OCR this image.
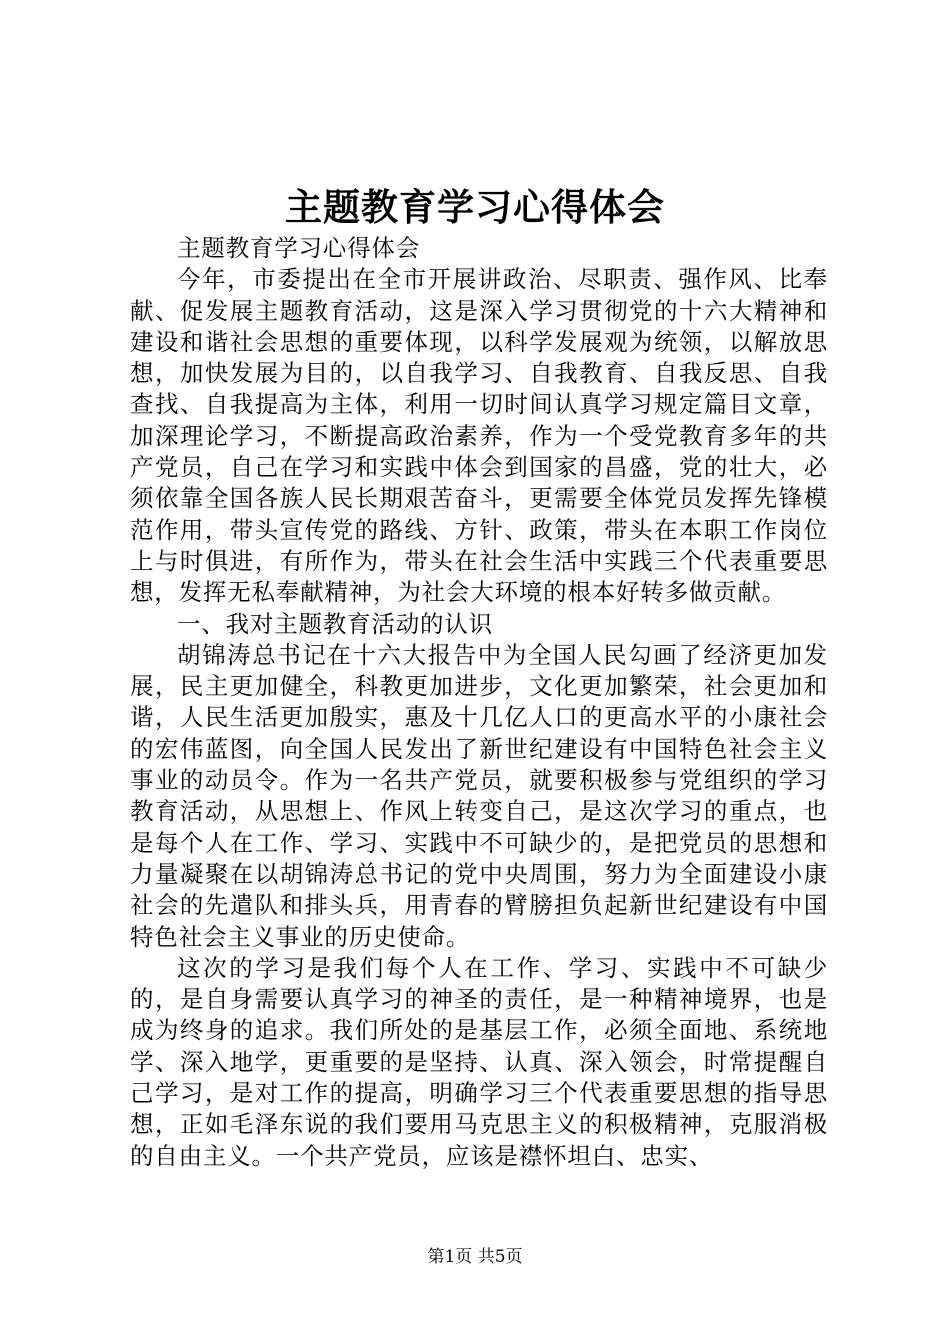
主题教育学习心得体会

主题教育学习心得体会

今年，市委提出在全市开展讲政治、尽职责、强作风、比奉献、促发展主题教育活动，这是深入学习贯彻党的十六大精神和建设和谐社会思想的重要体现，以科学发展观为统领，以解放思想，加快发展为目的，以自我学习、自我教育、自我反思、自我查找、自我提高为主体，利用一切时间认真学习规定篇目文章，加深理论学习，不断提高政治素养，作为一个受党教育多年的共产党员，自己在学习和实践中体会到国家的昌盛，党的壮大，必须依靠全国各族人民长期艰苦奋斗，更需要全体党员发挥先锋模范作用，带头宣传党的路线、方针、政策，带头在本职工作岗位上与时俱进，有所作为，带头在社会生活中实践三个代表重要思想，发挥无私奉献精神，为社会大环境的根本好转多做贡献。

一、我对主题教育活动的认识

胡锦涛总书记在十六大报告中为全国人民勾画了经济更加发展，民主更加健全，科教更加进步，文化更加繁荣，社会更加和谐，人民生活更加殷实，惠及十几亿人口的更高水平的小康社会的宏伟蓝图，向全国人民发出了新世纪建设有中国特色社会主义事业的动员令。作为一名共产党员，就要积极参与党组织的学习教育活动，从思想上、作风上转变自己，是这次学习的重点，也是每个人在工作、学习、实践中不可缺少的，是把党员的思想和力量凝聚在以胡锦涛总书记的党中央周围，努力为全面建设小康社会的先遣队和排头兵，用青春的臂膀担负起新世纪建设有中国特色社会主义事业的历史使命。

这次的学习是我们每个人在工作、学习、实践中不可缺少的，是自身需要认真学习的神圣的责任，是一种精神境界，也是成为终身的追求。我们所处的是基层工作，必须全面地、系统地学、深入地学，更重要的是坚持、认真、深入领会，时常提醒自己学习，是对工作的提高，明确学习三个代表重要思想的指导思想，正如毛泽东说的我们要用马克思主义的积极精神，克服消极的自由主义。一个共产党员，应该是襟怀坦白、忠实、

第1页 共5页
